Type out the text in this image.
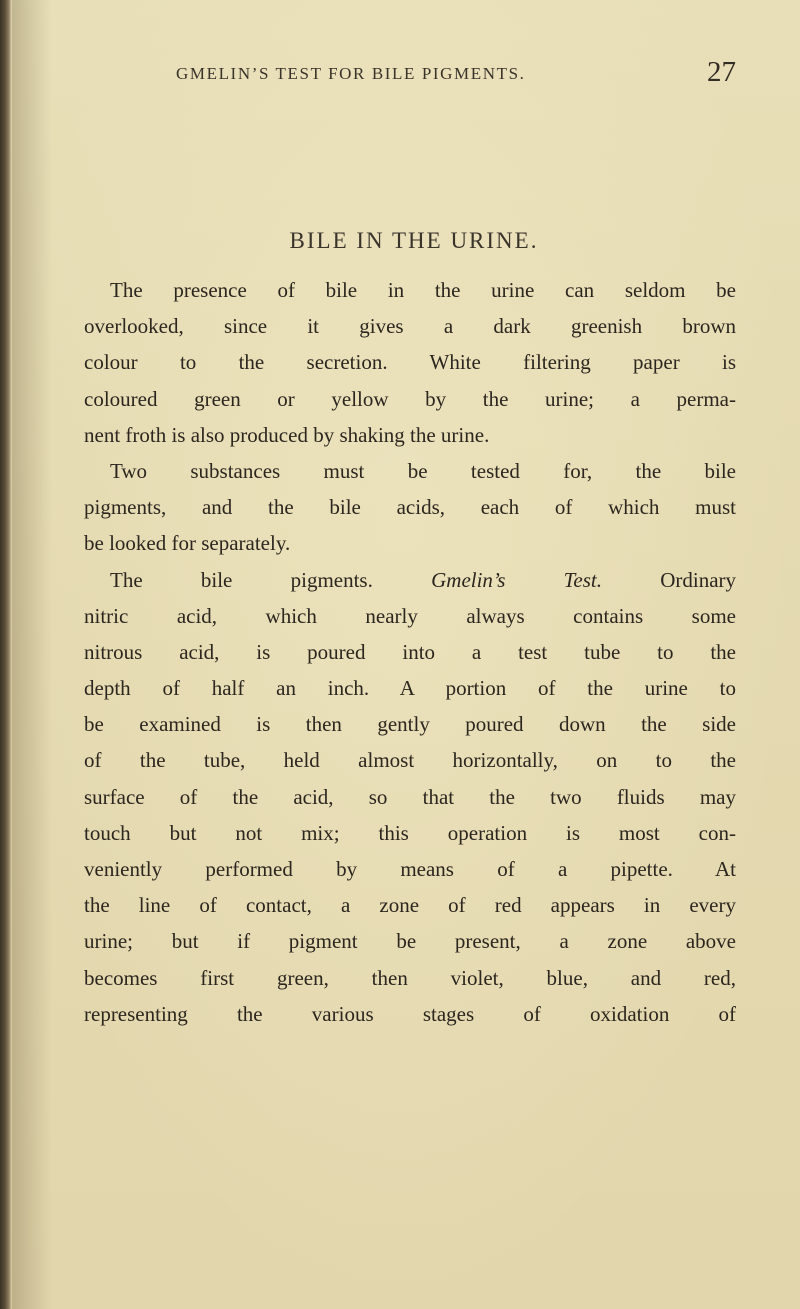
GMELIN’S TEST FOR BILE PIGMENTS.	27
BILE IN THE URINE.
The presence of bile in the urine can seldom be
overlooked, since it gives a dark greenish brown
colour to the secretion. White filtering paper is
coloured green or yellow by the urine; a perma-
nent froth is also produced by shaking the urine.
Two substances must be tested for, the bile
pigments, and the bile acids, each of which must
be looked for separately.
The bile pigments. Gmelin’s Test. Ordinary
nitric acid, which nearly always contains some
nitrous acid, is poured into a test tube to the
depth of half an inch. A portion of the urine to
be examined is then gently poured down the side
of the tube, held almost horizontally, on to the
surface of the acid, so that the two fluids may
touch but not mix; this operation is most con-
veniently performed by means of a pipette. At
the line of contact, a zone of red appears in every
urine; but if pigment be present, a zone above
becomes first green, then violet, blue, and red,
representing the various stages of oxidation of
